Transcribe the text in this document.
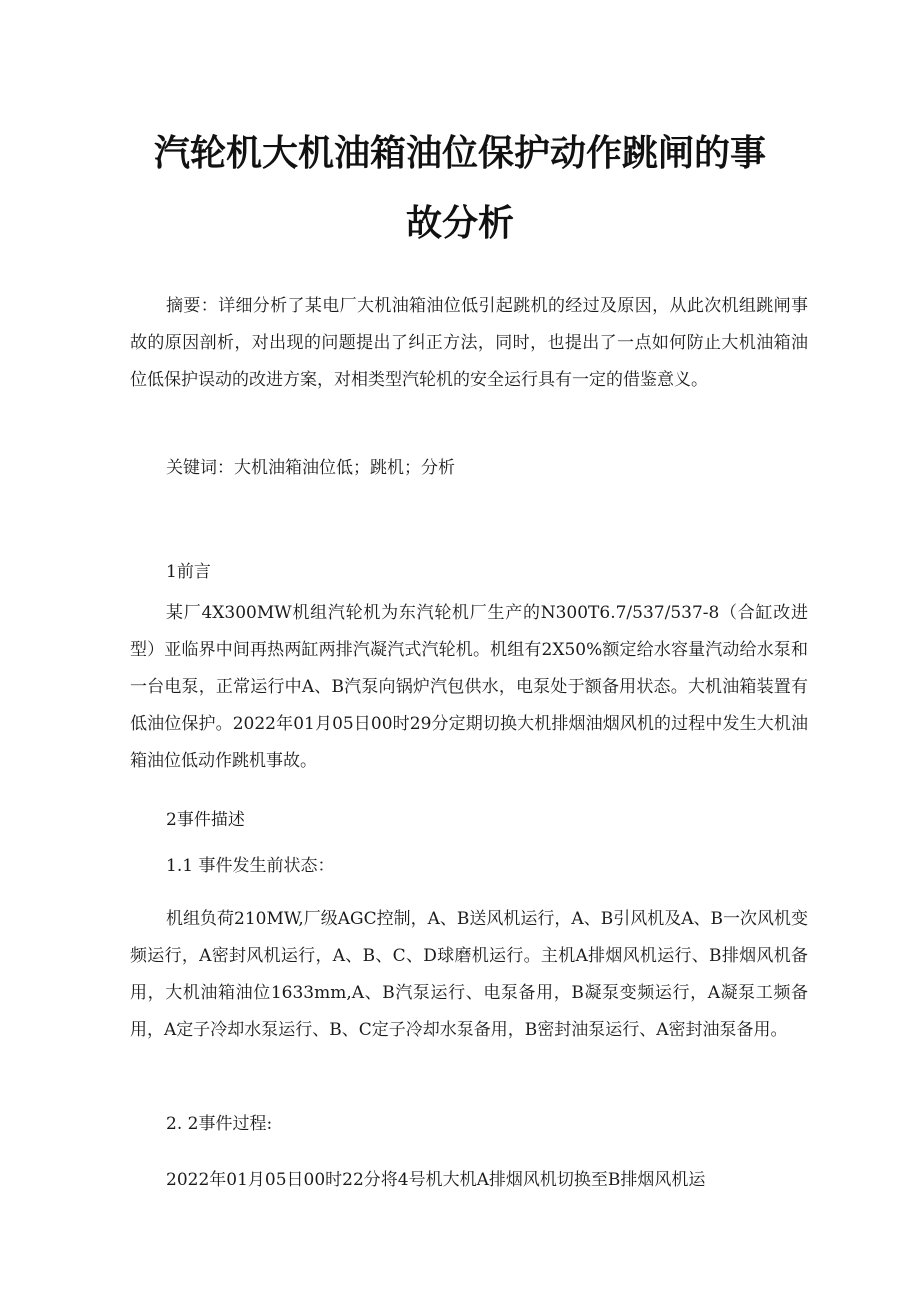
汽轮机大机油箱油位保护动作跳闸的事
故分析

摘要：详细分析了某电厂大机油箱油位低引起跳机的经过及原因，从此次机组跳闸事故的原因剖析，对出现的问题提出了纠正方法，同时，也提出了一点如何防止大机油箱油位低保护误动的改进方案，对相类型汽轮机的安全运行具有一定的借鉴意义。

关键词：大机油箱油位低；跳机；分析

1前言

某厂4X300MW机组汽轮机为东汽轮机厂生产的N300T6.7/537/537-8（合缸改进型）亚临界中间再热两缸两排汽凝汽式汽轮机。机组有2X50%额定给水容量汽动给水泵和一台电泵，正常运行中A、B汽泵向锅炉汽包供水，电泵处于额备用状态。大机油箱装置有低油位保护。2022年01月05日00时29分定期切换大机排烟油烟风机的过程中发生大机油箱油位低动作跳机事故。

2事件描述

1.1 事件发生前状态：

机组负荷210MW,厂级AGC控制，A、B送风机运行，A、B引风机及A、B一次风机变频运行，A密封风机运行，A、B、C、D球磨机运行。主机A排烟风机运行、B排烟风机备用，大机油箱油位1633mm,A、B汽泵运行、电泵备用，B凝泵变频运行，A凝泵工频备用，A定子冷却水泵运行、B、C定子冷却水泵备用，B密封油泵运行、A密封油泵备用。

2. 2事件过程:

2022年01月05日00时22分将4号机大机A排烟风机切换至B排烟风机运
